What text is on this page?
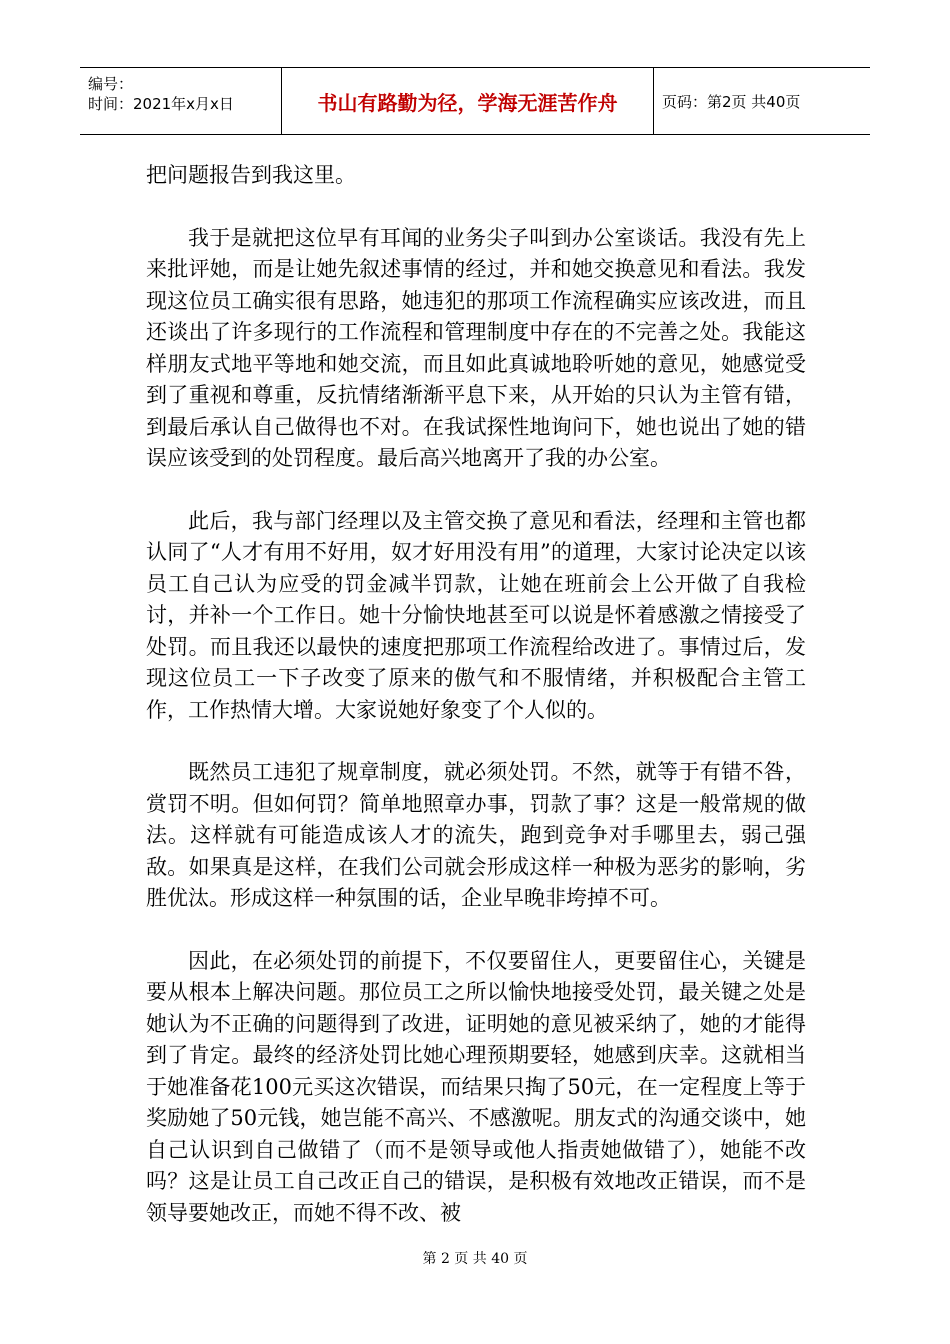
编号：
时间：2021年x月x日	书山有路勤为径，学海无涯苦作舟	页码：第2页 共40页

把问题报告到我这里。

我于是就把这位早有耳闻的业务尖子叫到办公室谈话。我没有先上来批评她，而是让她先叙述事情的经过，并和她交换意见和看法。我发现这位员工确实很有思路，她违犯的那项工作流程确实应该改进，而且还谈出了许多现行的工作流程和管理制度中存在的不完善之处。我能这样朋友式地平等地和她交流，而且如此真诚地聆听她的意见，她感觉受到了重视和尊重，反抗情绪渐渐平息下来，从开始的只认为主管有错，到最后承认自己做得也不对。在我试探性地询问下，她也说出了她的错误应该受到的处罚程度。最后高兴地离开了我的办公室。

此后，我与部门经理以及主管交换了意见和看法，经理和主管也都认同了“人才有用不好用，奴才好用没有用”的道理，大家讨论决定以该员工自己认为应受的罚金减半罚款，让她在班前会上公开做了自我检讨，并补一个工作日。她十分愉快地甚至可以说是怀着感激之情接受了处罚。而且我还以最快的速度把那项工作流程给改进了。事情过后，发现这位员工一下子改变了原来的傲气和不服情绪，并积极配合主管工作，工作热情大增。大家说她好象变了个人似的。

既然员工违犯了规章制度，就必须处罚。不然，就等于有错不咎，赏罚不明。但如何罚？简单地照章办事，罚款了事？这是一般常规的做法。这样就有可能造成该人才的流失，跑到竞争对手哪里去，弱己强敌。如果真是这样，在我们公司就会形成这样一种极为恶劣的影响，劣胜优汰。形成这样一种氛围的话，企业早晚非垮掉不可。

因此，在必须处罚的前提下，不仅要留住人，更要留住心，关键是要从根本上解决问题。那位员工之所以愉快地接受处罚，最关键之处是她认为不正确的问题得到了改进，证明她的意见被采纳了，她的才能得到了肯定。最终的经济处罚比她心理预期要轻，她感到庆幸。这就相当于她准备花100元买这次错误，而结果只掏了50元，在一定程度上等于奖励她了50元钱，她岂能不高兴、不感激呢。朋友式的沟通交谈中，她自己认识到自己做错了（而不是领导或他人指责她做错了），她能不改吗？这是让员工自己改正自己的错误，是积极有效地改正错误，而不是领导要她改正，而她不得不改、被

第 2 页 共 40 页
